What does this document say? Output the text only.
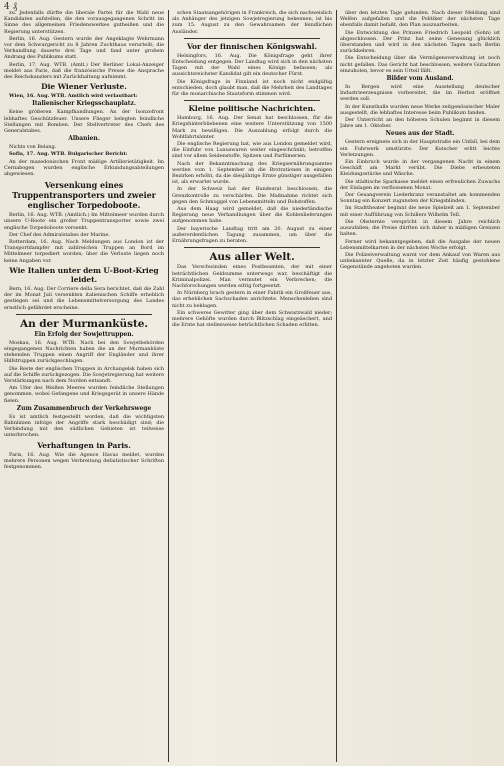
4 ₰

zu. Jedenfalls dürfte die liberale Partei für die Wahl neue Kandidaten aufstellen, die den vorausgegangenen Schritt im Sinne des allgemeinen Friedenswerkes gutheißen und die Regierung unterstützen.

Berlin, 16. Aug. Gestern wurde der Angeklagte Wehrmann vor dem Schwurgericht zu 8 Jahren Zuchthaus verurteilt; die Verhandlung dauerte drei Tage und fand unter großem Andrang des Publikums statt.

Berlin, 17. Aug. WTB. (Amtl.) Der Berliner Lokal-Anzeiger meldet aus Paris, daß die französische Presse die Ansprache des Reichskanzlers mit Zurückhaltung aufnimmt.

Die Wiener Verluste.

Wien, 16. Aug. WTB. Amtlich wird verlautbart:

Italienischer Kriegsschauplatz.

Keine größeren Kampfhandlungen. An der Isonzofront lebhaftes Geschützfeuer. Unsere Flieger belegten feindliche Stellungen mit Bomben. Der Stellvertreter des Chefs des Generalstabes.

Albanien.

Nichts von Belang.

Sofia, 17. Aug. WTB. Bulgarischer Bericht:

An der mazedonischen Front mäßige Artillerietätigkeit. Im Cernabogen wurden englische Erkundungsabteilungen abgewiesen.

Versenkung eines Truppentransporters und zweier englischer Torpedoboote.

Berlin, 16. Aug. WTB. (Amtlich.) Im Mittelmeer wurden durch unsere U-Boote ein großer Truppentransporter sowie zwei englische Torpedoboote versenkt.

Der Chef des Admiralstabes der Marine.

Rotterdam, 16. Aug. Nach Meldungen aus London ist der Transportdampfer mit zahlreichen Truppen an Bord im Mittelmeer torpediert worden; über die Verluste liegen noch keine Angaben vor.

Wie Italien unter dem U-Boot-Krieg leidet.

Bern, 16. Aug. Der Corriere della Sera berichtet, daß die Zahl der im Monat Juli versenkten italienischen Schiffe erheblich gestiegen sei und die Lebensmittelversorgung des Landes ernstlich gefährdet erscheine.

An der Murmanküste.
Ein Erfolg der Sowjettruppen.

Moskau, 16. Aug. WTB. Nach bei den Sowjetbehörden eingegangenen Nachrichten haben die an der Murmanküste stehenden Truppen einen Angriff der Engländer und ihrer Hilfstruppen zurückgeschlagen.

Die Reste der englischen Truppen in Archangelsk haben sich auf die Schiffe zurückgezogen. Die Sowjetregierung hat weitere Verstärkungen nach dem Norden entsandt.

Am Ufer des Weißen Meeres wurden feindliche Stellungen genommen, wobei Gefangene und Kriegsgerät in unsere Hände fielen.

Zum Zusammenbruch der Verkehrswege

Es ist amtlich festgestellt worden, daß die wichtigsten Bahnlinien infolge der Angriffe stark beschädigt sind; die Verbindung mit den südlichen Gebieten ist teilweise unterbrochen.

Verhaftungen in Paris.

Paris, 16. Aug. Wie die Agence Havas meldet, wurden mehrere Personen wegen Verbreitung defaitistischer Schriften festgenommen.

schen Staatsangehörigen in Frankreich, die sich nachweislich als Anhänger des jetzigen Sowjetregierung bekennen, ist bis zum 15. August zu den Gewahrsamen der feindlichen Ausländer.

Vor der finnischen Königswahl.

Helsingfors, 16. Aug. Die Königsfrage geht ihrer Entscheidung entgegen. Der Landtag wird sich in den nächsten Tagen mit der Wahl eines Königs befassen; als aussichtsreichster Kandidat gilt ein deutscher Fürst.

Die Königsfrage in Finnland ist noch nicht endgültig entschieden, doch glaubt man, daß die Mehrheit des Landtages für die monarchische Staatsform stimmen wird.

Kleine politische Nachrichten.

Hamburg, 16. Aug. Der Senat hat beschlossen, für die Kriegshinterbliebenen eine weitere Unterstützung von 1500 Mark zu bewilligen. Die Auszahlung erfolgt durch die Wohlfahrtsämter.

Die englische Regierung hat, wie aus London gemeldet wird, die Einfuhr von Luxuswaren weiter eingeschränkt; betroffen sind vor allem Seidenstoffe, Spitzen und Parfümerien.

Nach der Bekanntmachung des Kriegsernährungsamtes werden vom 1. September ab die Brotrationen in einigen Bezirken erhöht, da die diesjährige Ernte günstiger ausgefallen ist, als erwartet wurde.

In der Schweiz hat der Bundesrat beschlossen, die Grenzkontrolle zu verschärfen. Die Maßnahme richtet sich gegen den Schmuggel von Lebensmitteln und Rohstoffen.

Aus dem Haag wird gemeldet, daß die niederländische Regierung neue Verhandlungen über die Kohlenlieferungen aufgenommen habe.

Der bayerische Landtag tritt am 20. August zu einer außerordentlichen Tagung zusammen, um über die Ernährungsfragen zu beraten.

Aus aller Welt.

Das Verschwinden eines Postbeamten, der mit einer beträchtlichen Geldsumme unterwegs war, beschäftigt die Kriminalpolizei. Man vermutet ein Verbrechen; die Nachforschungen werden eifrig fortgesetzt.

In Nürnberg brach gestern in einer Fabrik ein Großfeuer aus, das erheblichen Sachschaden anrichtete. Menschenleben sind nicht zu beklagen.

Ein schweres Gewitter ging über dem Schwarzwald nieder; mehrere Gehöfte wurden durch Blitzschlag eingeäschert, und die Ernte hat stellenweise beträchtlichen Schaden erlitten.

über den letzten Tage gefunden. Nach dieser Meldung sind Welfen aufgefallen und die Politiker der nächsten Tage ebenfalls damit befaßt, den Plan auszuarbeiten.

Die Entwicklung des Prinzen Friedrich Leopold (Sohn) ist abgeschlossen. Der Prinz hat seine Genesung glücklich überstanden und wird in den nächsten Tagen nach Berlin zurückkehren.

Die Entscheidung über die Vermögensverwaltung ist noch nicht gefallen. Das Gericht hat beschlossen, weitere Gutachten einzuholen, bevor es sein Urteil fällt.

Bilder vom Ausland.

In Bergen wird eine Ausstellung deutscher Industrieerzeugnisse vorbereitet, die im Herbst eröffnet werden soll.

In der Kunsthalle wurden neue Werke zeitgenössischer Maler ausgestellt, die lebhaftes Interesse beim Publikum fanden.

Der Unterricht an den höheren Schulen beginnt in diesem Jahre am 1. Oktober.

Neues aus der Stadt.

Gestern ereignete sich in der Hauptstraße ein Unfall, bei dem ein Fuhrwerk umstürzte. Der Kutscher erlitt leichte Verletzungen.

Ein Einbruch wurde in der vergangenen Nacht in einem Geschäft am Markt verübt. Die Diebe erbeuteten Kleidungsstücke und Wäsche.

Die städtische Sparkasse meldet einen erfreulichen Zuwachs der Einlagen im verflossenen Monat.

Der Gesangverein Liederkranz veranstaltet am kommenden Sonntag ein Konzert zugunsten der Kriegsblinden.

Im Stadttheater beginnt die neue Spielzeit am 1. September mit einer Aufführung von Schillers Wilhelm Tell.

Die Obsternte verspricht in diesem Jahre reichlich auszufallen; die Preise dürften sich daher in mäßigen Grenzen halten.

Ferner wird bekanntgegeben, daß die Ausgabe der neuen Lebensmittelkarten in der nächsten Woche erfolgt.

Die Polizeiverwaltung warnt vor dem Ankauf von Waren aus unbekannter Quelle, da in letzter Zeit häufig gestohlene Gegenstände angeboten wurden.
